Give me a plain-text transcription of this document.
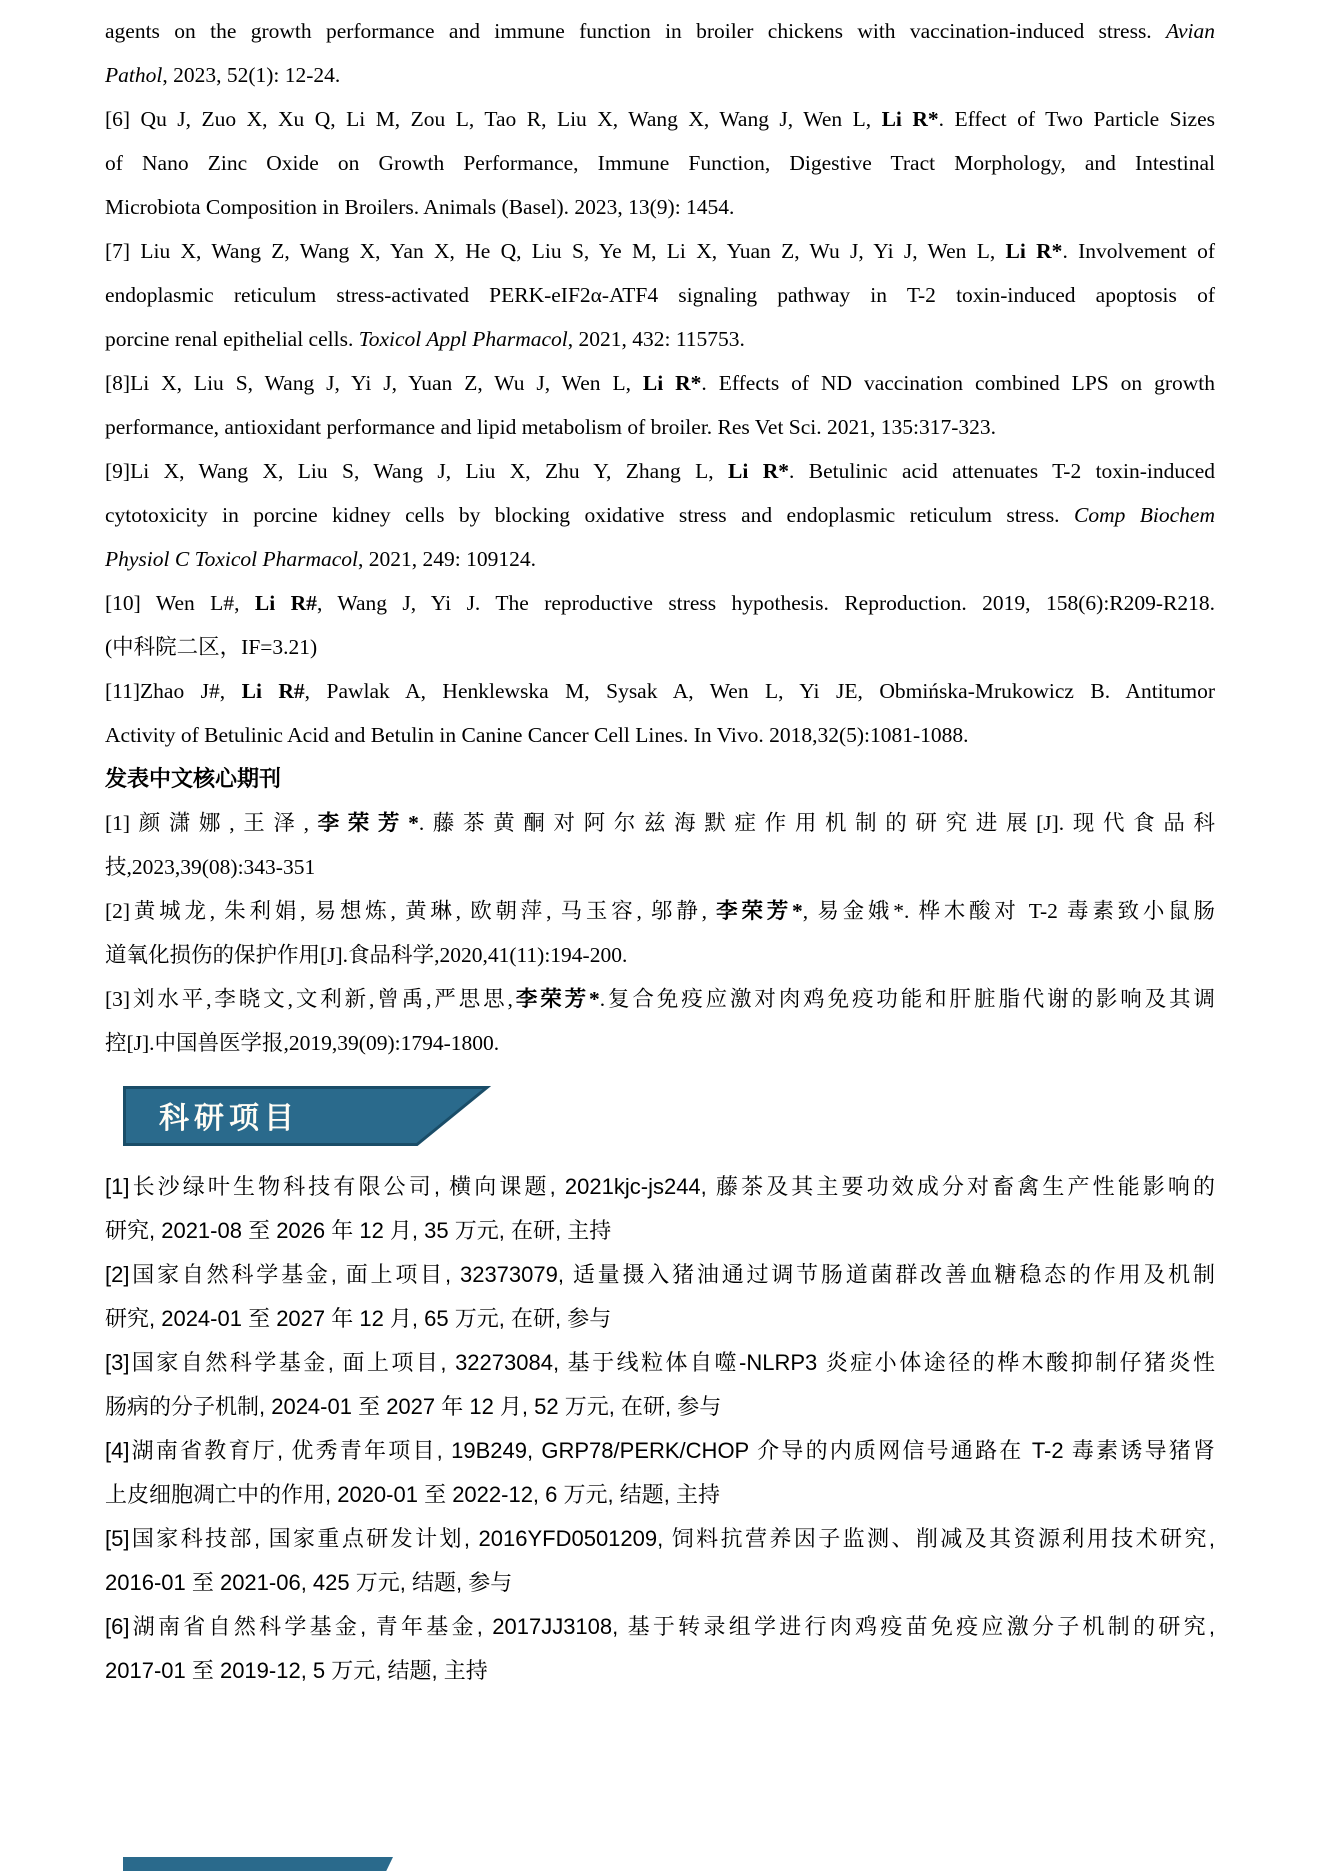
agents on the growth performance and immune function in broiler chickens with vaccination-induced stress. Avian
Pathol, 2023, 52(1): 12-24.

[6] Qu J, Zuo X, Xu Q, Li M, Zou L, Tao R, Liu X, Wang X, Wang J, Wen L, Li R*. Effect of Two Particle Sizes
of Nano Zinc Oxide on Growth Performance, Immune Function, Digestive Tract Morphology, and Intestinal
Microbiota Composition in Broilers. Animals (Basel). 2023, 13(9): 1454.

[7] Liu X, Wang Z, Wang X, Yan X, He Q, Liu S, Ye M, Li X, Yuan Z, Wu J, Yi J, Wen L, Li R*. Involvement of
endoplasmic reticulum stress-activated PERK-eIF2α-ATF4 signaling pathway in T-2 toxin-induced apoptosis of
porcine renal epithelial cells. Toxicol Appl Pharmacol, 2021, 432: 115753.

[8]Li X, Liu S, Wang J, Yi J, Yuan Z, Wu J, Wen L, Li R*. Effects of ND vaccination combined LPS on growth
performance, antioxidant performance and lipid metabolism of broiler. Res Vet Sci. 2021, 135:317-323.

[9]Li X, Wang X, Liu S, Wang J, Liu X, Zhu Y, Zhang L, Li R*. Betulinic acid attenuates T-2 toxin-induced
cytotoxicity in porcine kidney cells by blocking oxidative stress and endoplasmic reticulum stress. Comp Biochem
Physiol C Toxicol Pharmacol, 2021, 249: 109124.

[10] Wen L#, Li R#, Wang J, Yi J. The reproductive stress hypothesis. Reproduction. 2019, 158(6):R209-R218.
(中科院二区，IF=3.21)

[11]Zhao J#, Li R#, Pawlak A, Henklewska M, Sysak A, Wen L, Yi JE, Obmińska-Mrukowicz B. Antitumor
Activity of Betulinic Acid and Betulin in Canine Cancer Cell Lines. In Vivo. 2018,32(5):1081-1088.

发表中文核心期刊

[1]颜潇娜,王泽,李荣芳*.藤茶黄酮对阿尔兹海默症作用机制的研究进展[J].现代食品科
技,2023,39(08):343-351

[2]黄城龙, 朱利娟, 易想炼, 黄琳, 欧朝萍, 马玉容, 邬静, 李荣芳*, 易金娥*. 桦木酸对 T-2 毒素致小鼠肠
道氧化损伤的保护作用[J].食品科学,2020,41(11):194-200.

[3]刘水平,李晓文,文利新,曾禹,严思思,李荣芳*.复合免疫应激对肉鸡免疫功能和肝脏脂代谢的影响及其调
控[J].中国兽医学报,2019,39(09):1794-1800.

科研项目

[1]长沙绿叶生物科技有限公司, 横向课题, 2021kjc-js244, 藤茶及其主要功效成分对畜禽生产性能影响的
研究, 2021-08 至 2026 年 12 月, 35 万元, 在研, 主持

[2]国家自然科学基金, 面上项目, 32373079, 适量摄入猪油通过调节肠道菌群改善血糖稳态的作用及机制
研究, 2024-01 至 2027 年 12 月, 65 万元, 在研, 参与

[3]国家自然科学基金, 面上项目, 32273084, 基于线粒体自噬-NLRP3 炎症小体途径的桦木酸抑制仔猪炎性
肠病的分子机制, 2024-01 至 2027 年 12 月, 52 万元, 在研, 参与

[4]湖南省教育厅, 优秀青年项目, 19B249, GRP78/PERK/CHOP 介导的内质网信号通路在 T-2 毒素诱导猪肾
上皮细胞凋亡中的作用, 2020-01 至 2022-12, 6 万元, 结题, 主持

[5]国家科技部, 国家重点研发计划, 2016YFD0501209, 饲料抗营养因子监测、削减及其资源利用技术研究,
2016-01 至 2021-06, 425 万元, 结题, 参与

[6]湖南省自然科学基金, 青年基金, 2017JJ3108, 基于转录组学进行肉鸡疫苗免疫应激分子机制的研究,
2017-01 至 2019-12, 5 万元, 结题, 主持
